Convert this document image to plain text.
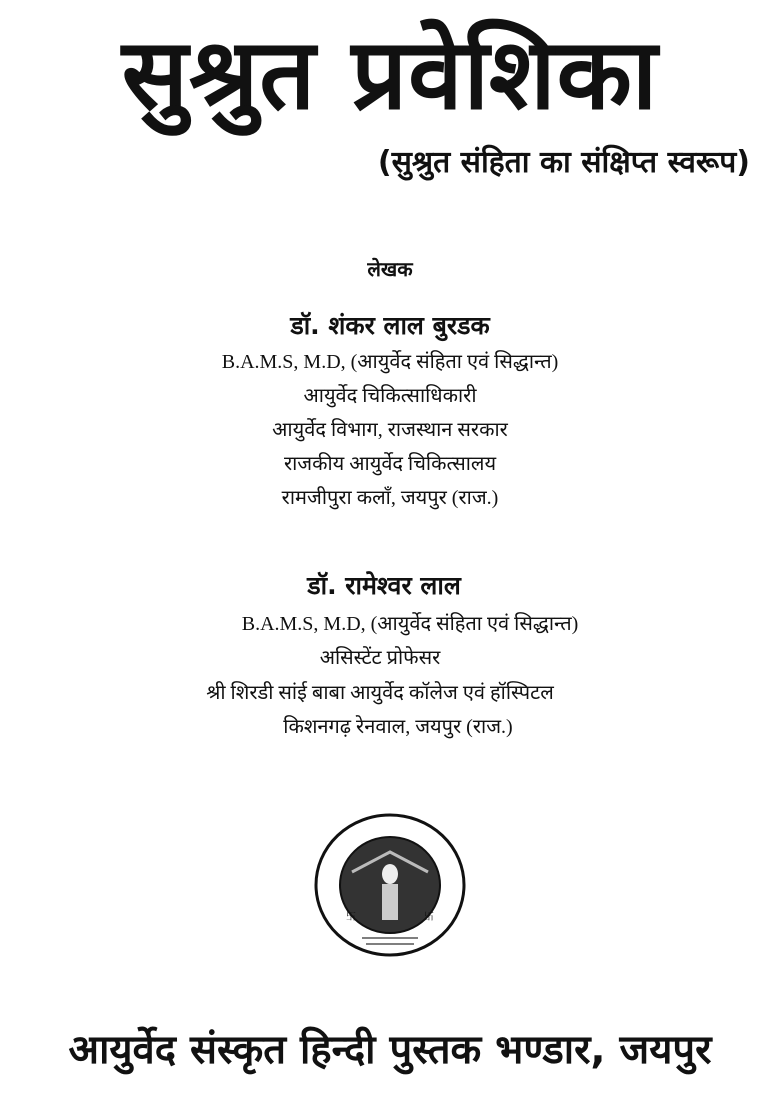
सुश्रुत प्रवेशिका
(सुश्रुत संहिता का संक्षिप्त स्वरूप)
लेखक
डॉ. शंकर लाल बुरडक
B.A.M.S, M.D, (आयुर्वेद संहिता एवं सिद्धान्त)
आयुर्वेद चिकित्साधिकारी
आयुर्वेद विभाग, राजस्थान सरकार
राजकीय आयुर्वेद चिकित्सालय
रामजीपुरा कलाँ, जयपुर (राज.)
डॉ. रामेश्वर लाल
B.A.M.S, M.D, (आयुर्वेद संहिता एवं सिद्धान्त)
असिस्टेंट प्रोफेसर
श्री शिरडी सांई बाबा आयुर्वेद कॉलेज एवं हॉस्पिटल
किशनगढ़ रेनवाल, जयपुर (राज.)
卐	卐
आयुर्वेद संस्कृत हिन्दी पुस्तक भण्डार, जयपुर
